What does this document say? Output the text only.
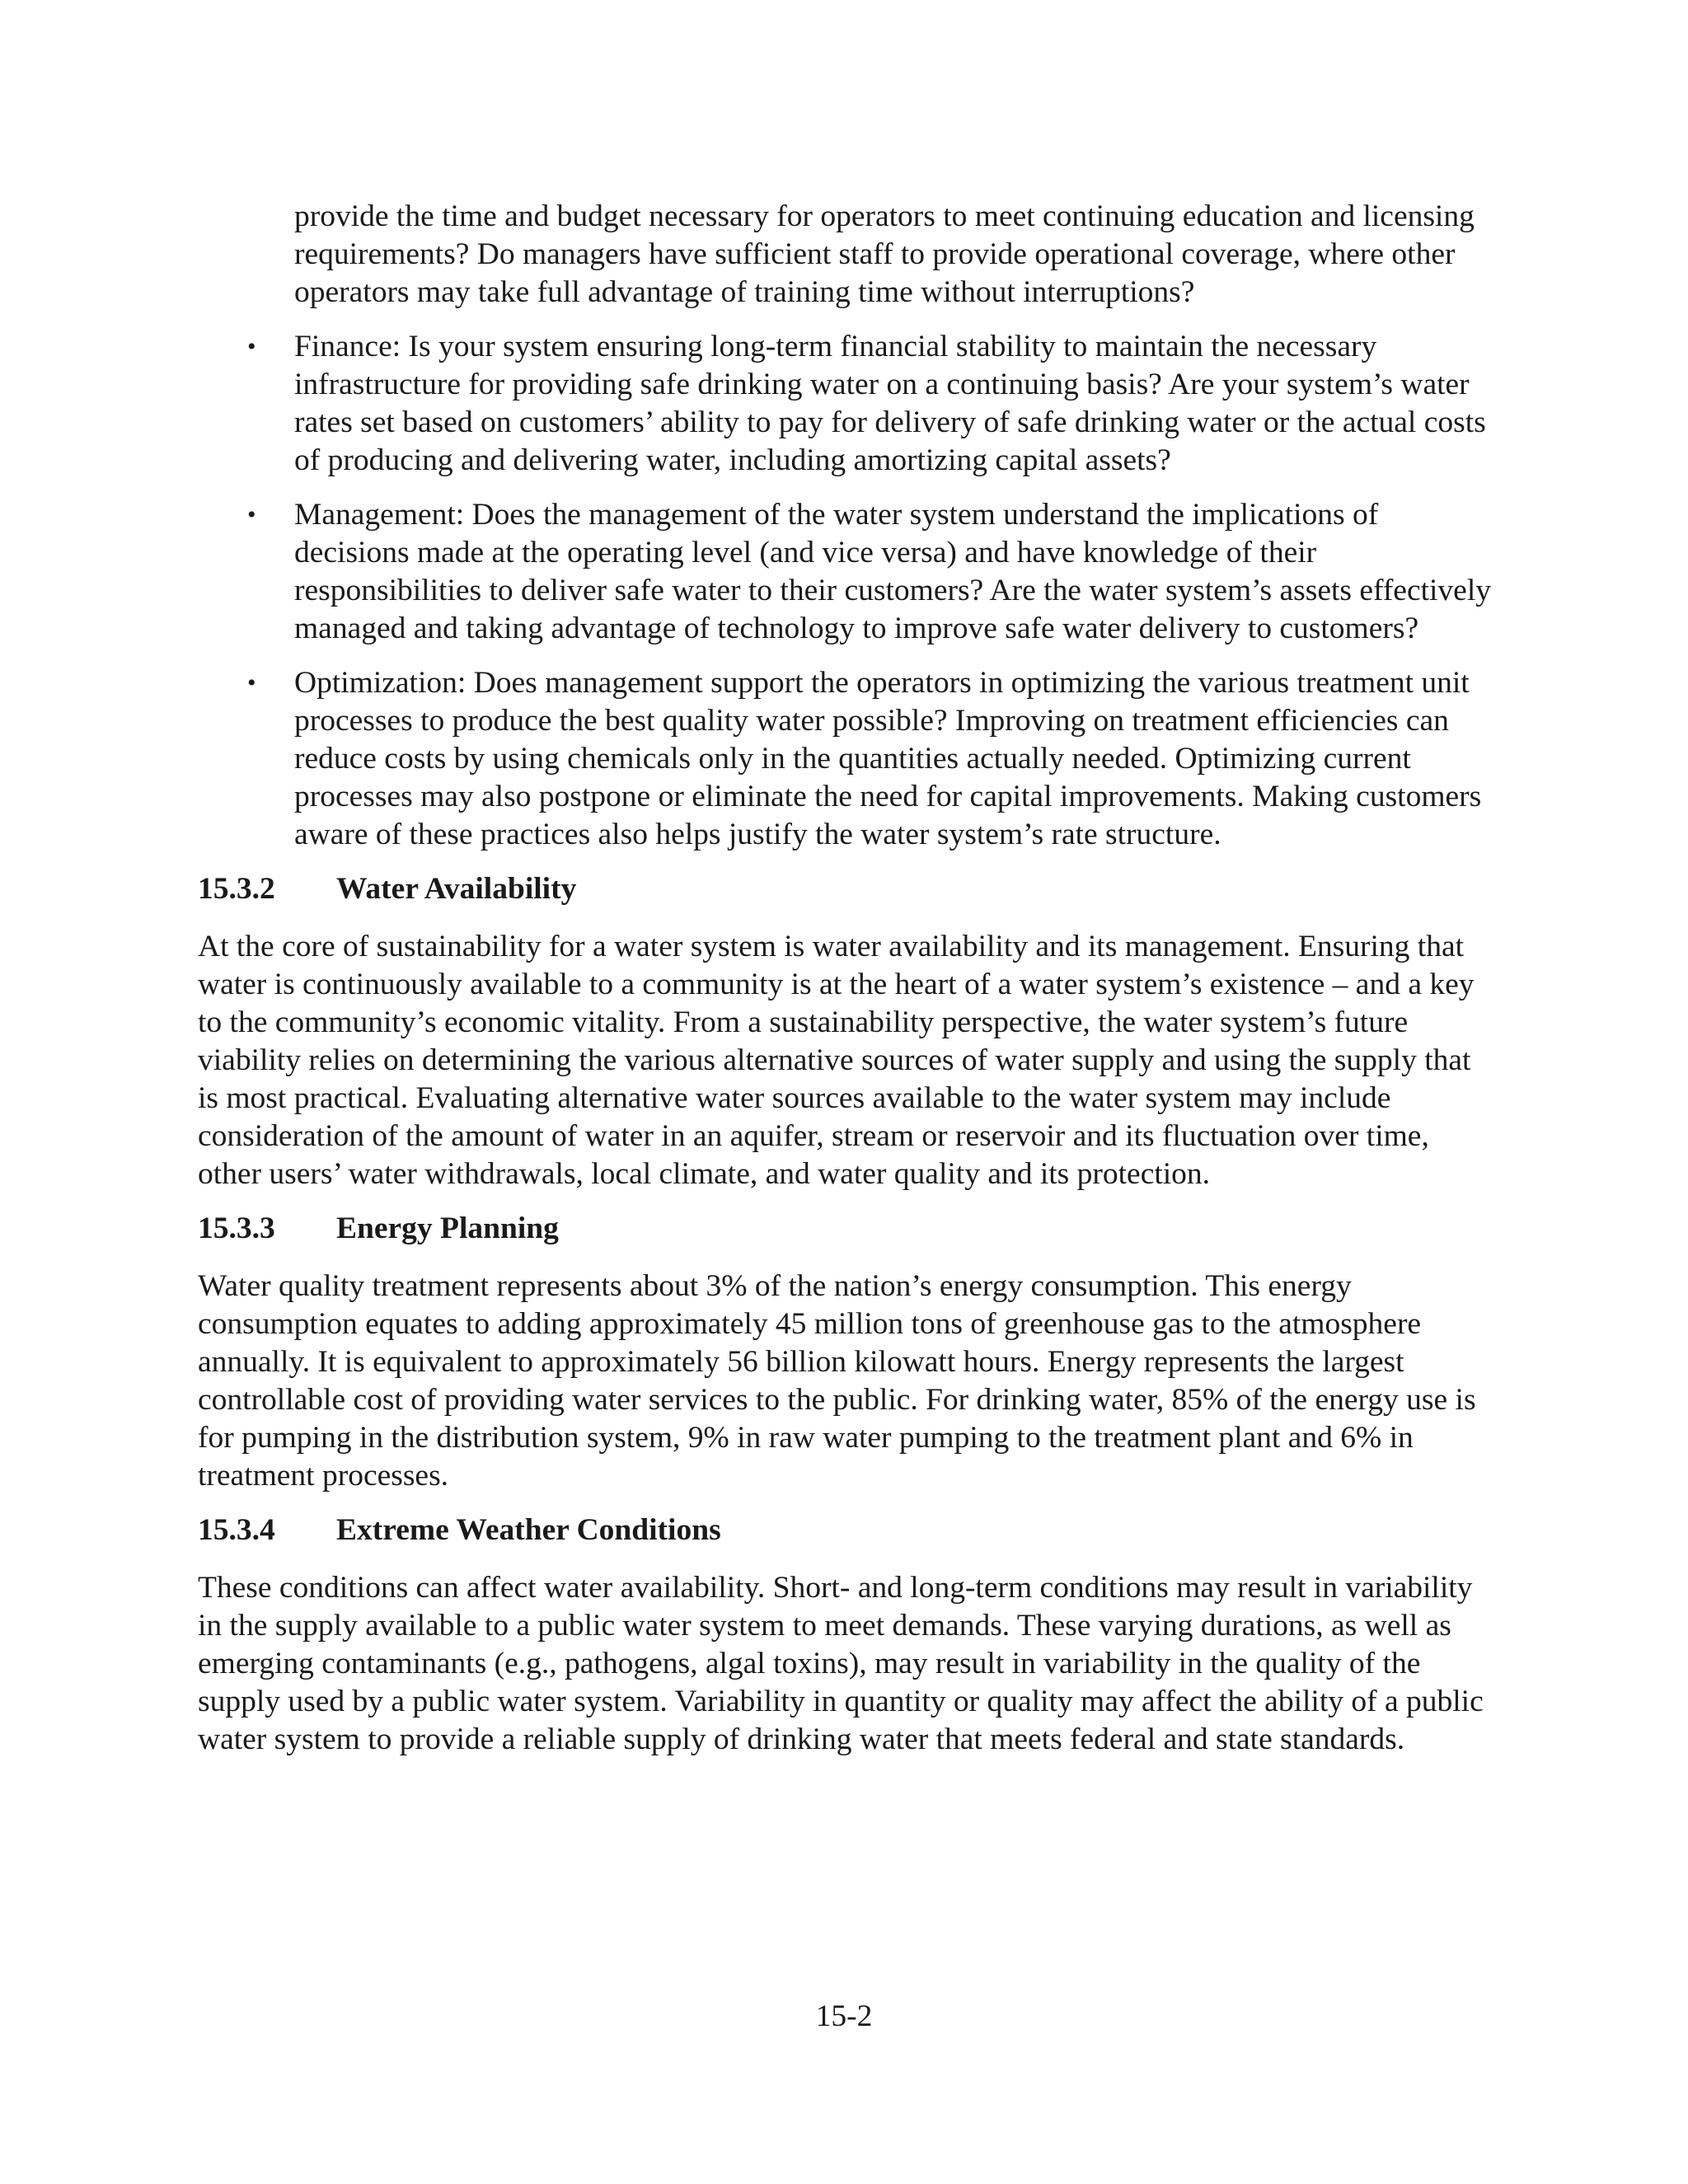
provide the time and budget necessary for operators to meet continuing education and licensing requirements? Do managers have sufficient staff to provide operational coverage, where other operators may take full advantage of training time without interruptions?

• Finance: Is your system ensuring long-term financial stability to maintain the necessary infrastructure for providing safe drinking water on a continuing basis? Are your system’s water rates set based on customers’ ability to pay for delivery of safe drinking water or the actual costs of producing and delivering water, including amortizing capital assets?
• Management: Does the management of the water system understand the implications of decisions made at the operating level (and vice versa) and have knowledge of their responsibilities to deliver safe water to their customers? Are the water system’s assets effectively managed and taking advantage of technology to improve safe water delivery to customers?
• Optimization: Does management support the operators in optimizing the various treatment unit processes to produce the best quality water possible? Improving on treatment efficiencies can reduce costs by using chemicals only in the quantities actually needed. Optimizing current processes may also postpone or eliminate the need for capital improvements. Making customers aware of these practices also helps justify the water system’s rate structure.
15.3.2 Water Availability

At the core of sustainability for a water system is water availability and its management. Ensuring that water is continuously available to a community is at the heart of a water system’s existence – and a key to the community’s economic vitality. From a sustainability perspective, the water system’s future viability relies on determining the various alternative sources of water supply and using the supply that is most practical. Evaluating alternative water sources available to the water system may include consideration of the amount of water in an aquifer, stream or reservoir and its fluctuation over time, other users’ water withdrawals, local climate, and water quality and its protection.

15.3.3 Energy Planning

Water quality treatment represents about 3% of the nation’s energy consumption. This energy consumption equates to adding approximately 45 million tons of greenhouse gas to the atmosphere annually. It is equivalent to approximately 56 billion kilowatt hours. Energy represents the largest controllable cost of providing water services to the public. For drinking water, 85% of the energy use is for pumping in the distribution system, 9% in raw water pumping to the treatment plant and 6% in treatment processes.

15.3.4 Extreme Weather Conditions

These conditions can affect water availability. Short- and long-term conditions may result in variability in the supply available to a public water system to meet demands. These varying durations, as well as emerging contaminants (e.g., pathogens, algal toxins), may result in variability in the quality of the supply used by a public water system. Variability in quantity or quality may affect the ability of a public water system to provide a reliable supply of drinking water that meets federal and state standards.

15-2
